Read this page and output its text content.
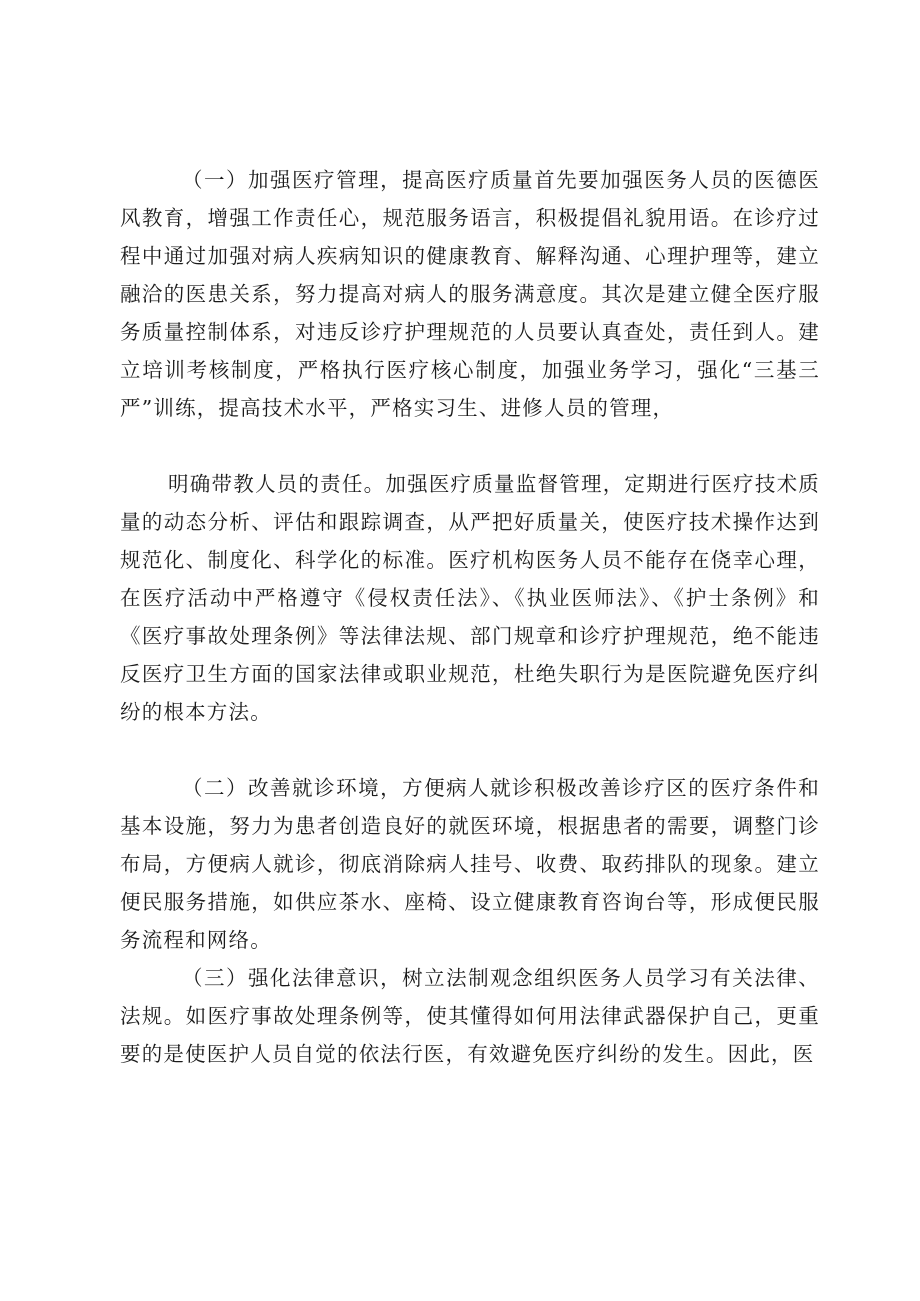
（一）加强医疗管理，提高医疗质量首先要加强医务人员的医德医风教育，增强工作责任心，规范服务语言，积极提倡礼貌用语。在诊疗过程中通过加强对病人疾病知识的健康教育、解释沟通、心理护理等，建立融洽的医患关系，努力提高对病人的服务满意度。其次是建立健全医疗服务质量控制体系，对违反诊疗护理规范的人员要认真查处，责任到人。建立培训考核制度，严格执行医疗核心制度，加强业务学习，强化“三基三严”训练，提高技术水平，严格实习生、进修人员的管理，

明确带教人员的责任。加强医疗质量监督管理，定期进行医疗技术质量的动态分析、评估和跟踪调查，从严把好质量关，使医疗技术操作达到规范化、制度化、科学化的标准。医疗机构医务人员不能存在侥幸心理，在医疗活动中严格遵守《侵权责任法》、《执业医师法》、《护士条例》和《医疗事故处理条例》等法律法规、部门规章和诊疗护理规范，绝不能违反医疗卫生方面的国家法律或职业规范，杜绝失职行为是医院避免医疗纠纷的根本方法。

（二）改善就诊环境，方便病人就诊积极改善诊疗区的医疗条件和基本设施，努力为患者创造良好的就医环境，根据患者的需要，调整门诊布局，方便病人就诊，彻底消除病人挂号、收费、取药排队的现象。建立便民服务措施，如供应茶水、座椅、设立健康教育咨询台等，形成便民服务流程和网络。

（三）强化法律意识，树立法制观念组织医务人员学习有关法律、法规。如医疗事故处理条例等，使其懂得如何用法律武器保护自己，更重要的是使医护人员自觉的依法行医，有效避免医疗纠纷的发生。因此，医
